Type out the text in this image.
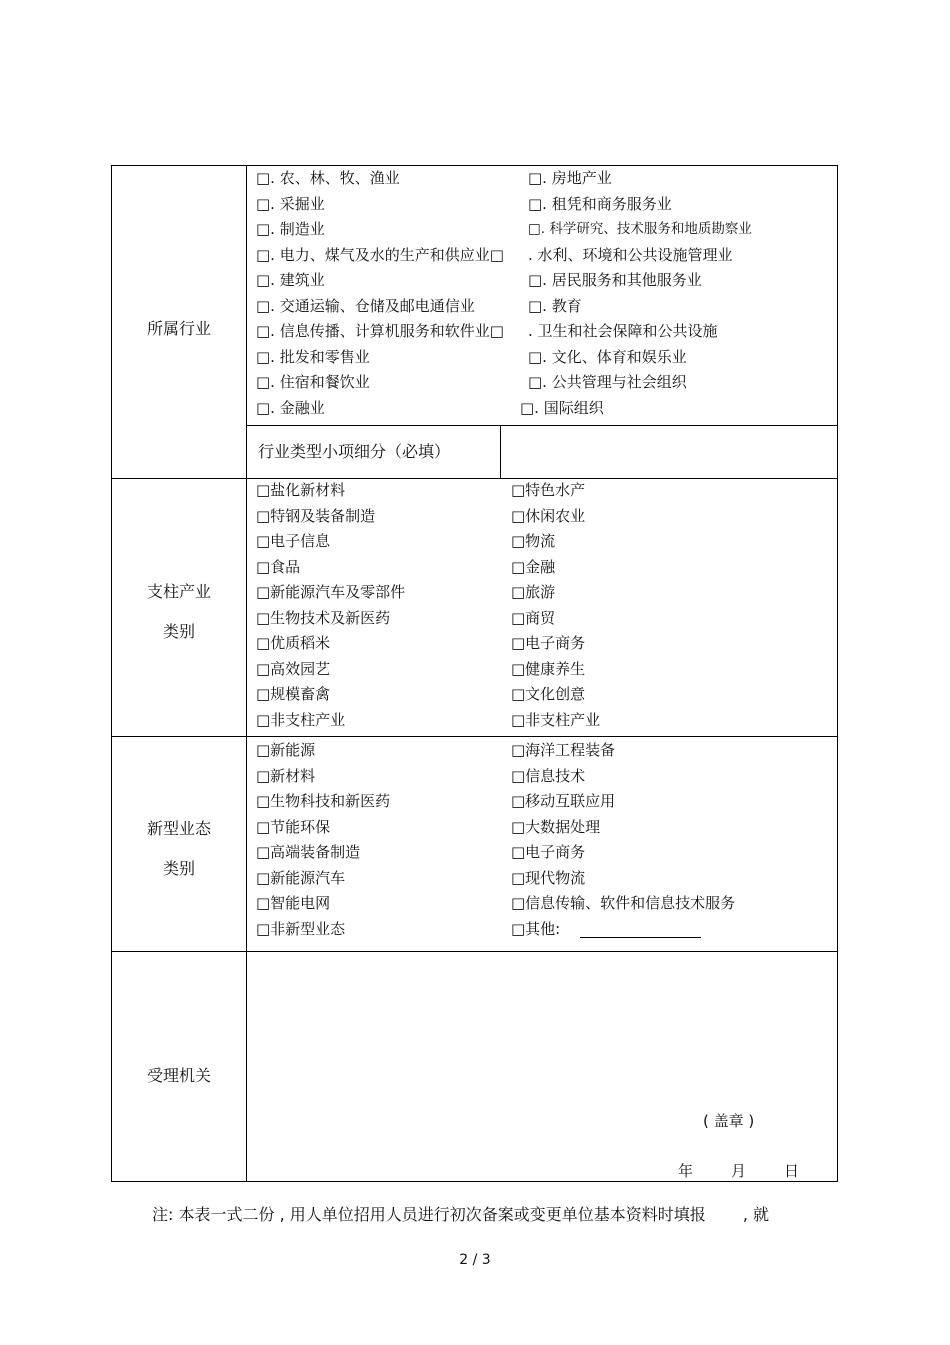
所属行业
□. 农、林、牧、渔业
□. 采掘业
□. 制造业
□. 电力、煤气及水的生产和供应业□
□. 建筑业
□. 交通运输、仓储及邮电通信业
□. 信息传播、计算机服务和软件业□
□. 批发和零售业
□. 住宿和餐饮业
□. 金融业
□. 房地产业
□. 租凭和商务服务业
□. 科学研究、技术服务和地质勘察业
. 水利、环境和公共设施管理业
□. 居民服务和其他服务业
□. 教育
. 卫生和社会保障和公共设施
□. 文化、体育和娱乐业
□. 公共管理与社会组织
□. 国际组织
行业类型小项细分（必填）
支柱产业
类别
□盐化新材料
□特钢及装备制造
□电子信息
□食品
□新能源汽车及零部件
□生物技术及新医药
□优质稻米
□高效园艺
□规模畜禽
□非支柱产业
□特色水产
□休闲农业
□物流
□金融
□旅游
□商贸
□电子商务
□健康养生
□文化创意
□非支柱产业
新型业态
类别
□新能源
□新材料
□生物科技和新医药
□节能环保
□高端装备制造
□新能源汽车
□智能电网
□非新型业态
□海洋工程装备
□信息技术
□移动互联应用
□大数据处理
□电子商务
□现代物流
□信息传输、软件和信息技术服务
□其他:
受理机关
( 盖章 )
年	月	日
注: 本表一式二份 , 用人单位招用人员进行初次备案或变更单位基本资料时填报　　 , 就
2 / 3
